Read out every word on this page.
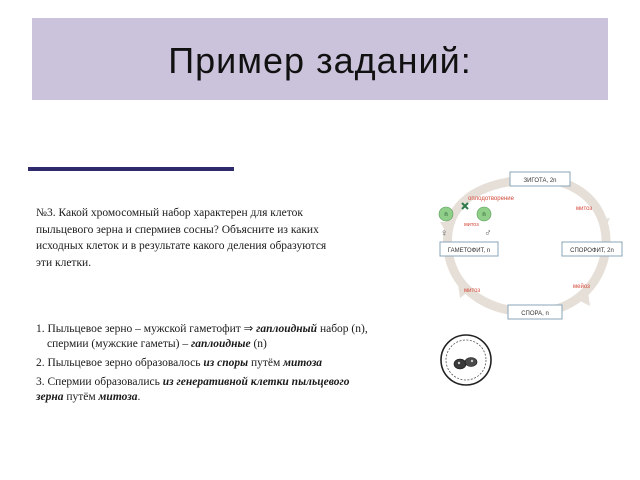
Пример заданий:
№3. Какой хромосомный набор характерен для клеток
пыльцевого зерна и спермиев сосны? Объясните из каких
исходных клеток и в результате какого деления образуются
эти клетки.

1. Пыльцевое зерно – мужской гаметофит ⇒ гаплоидный набор (n),
спермии (мужские гаметы) – гаплоидные (n)

2. Пыльцевое зерно образовалось из споры путём митоза

3. Спермии образовались из генеративной клетки пыльцевого
зерна путём митоза.

ЗИГОТА, 2n
ГАМЕТОФИТ, n	СПОРОФИТ, 2n
СПОРА, n
оплодотворение
митоз
митоз
мейоз
митоз
n	n
♀	♂
